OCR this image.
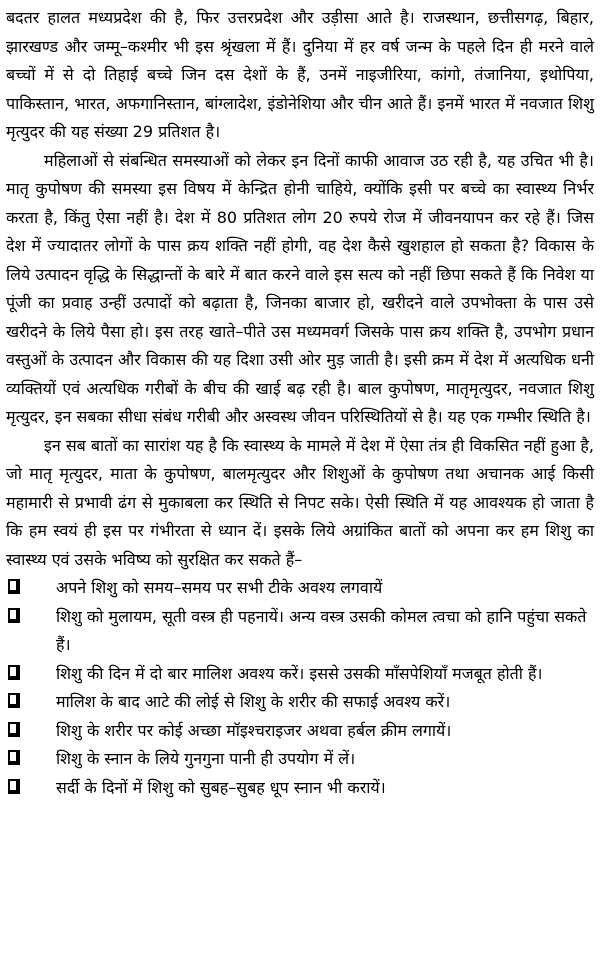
बदतर हालत मध्यप्रदेश की है, फिर उत्तरप्रदेश और उड़ीसा आते है। राजस्थान, छत्तीसगढ़, बिहार, झारखण्ड और जम्मू–कश्मीर भी इस श्रृंखला में हैं। दुनिया में हर वर्ष जन्म के पहले दिन ही मरने वाले बच्चों में से दो तिहाई बच्चे जिन दस देशों के हैं, उनमें नाइजीरिया, कांगो, तंजानिया, इथोपिया, पाकिस्तान, भारत, अफगानिस्तान, बांग्लादेश, इंडोनेशिया और चीन आते हैं। इनमें भारत में नवजात शिशु मृत्युदर की यह संख्या 29 प्रतिशत है।

महिलाओं से संबन्धित समस्याओं को लेकर इन दिनों काफी आवाज उठ रही है, यह उचित भी है। मातृ कुपोषण की समस्या इस विषय में केन्द्रित होनी चाहिये, क्योंकि इसी पर बच्चे का स्वास्थ्य निर्भर करता है, किंतु ऐसा नहीं है। देश में 80 प्रतिशत लोग 20 रुपये रोज में जीवनयापन कर रहे हैं। जिस देश में ज्यादातर लोगों के पास क्रय शक्ति नहीं होगी, वह देश कैसे खुशहाल हो सकता है? विकास के लिये उत्पादन वृद्धि के सिद्धान्तों के बारे में बात करने वाले इस सत्य को नहीं छिपा सकते हैं कि निवेश या पूंजी का प्रवाह उन्हीं उत्पादों को बढ़ाता है, जिनका बाजार हो, खरीदने वाले उपभोक्ता के पास उसे खरीदने के लिये पैसा हो। इस तरह खाते–पीते उस मध्यमवर्ग जिसके पास क्रय शक्ति है, उपभोग प्रधान वस्तुओं के उत्पादन और विकास की यह दिशा उसी ओर मुड़ जाती है। इसी क्रम में देश में अत्यधिक धनी व्यक्तियों एवं अत्यधिक गरीबों के बीच की खाई बढ़ रही है। बाल कुपोषण, मातृमृत्युदर, नवजात शिशु मृत्युदर, इन सबका सीधा संबंध गरीबी और अस्वस्थ जीवन परिस्थितियों से है। यह एक गम्भीर स्थिति है।

इन सब बातों का सारांश यह है कि स्वास्थ्य के मामले में देश में ऐसा तंत्र ही विकसित नहीं हुआ है, जो मातृ मृत्युदर, माता के कुपोषण, बालमृत्युदर और शिशुओं के कुपोषण तथा अचानक आई किसी महामारी से प्रभावी ढंग से मुकाबला कर स्थिति से निपट सके। ऐसी स्थिति में यह आवश्यक हो जाता है कि हम स्वयं ही इस पर गंभीरता से ध्यान दें। इसके लिये अग्रांकित बातों को अपना कर हम शिशु का स्वास्थ्य एवं उसके भविष्य को सुरक्षित कर सकते हैं–

अपने शिशु को समय–समय पर सभी टीके अवश्य लगवायें
शिशु को मुलायम, सूती वस्त्र ही पहनायें। अन्य वस्त्र उसकी कोमल त्वचा को हानि पहुंचा सकते हैं।
शिशु की दिन में दो बार मालिश अवश्य करें। इससे उसकी माँसपेशियाँ मजबूत होती हैं।
मालिश के बाद आटे की लोई से शिशु के शरीर की सफाई अवश्य करें।
शिशु के शरीर पर कोई अच्छा मॉइश्चराइजर अथवा हर्बल क्रीम लगायें।
शिशु के स्नान के लिये गुनगुना पानी ही उपयोग में लें।
सर्दी के दिनों में शिशु को सुबह–सुबह धूप स्नान भी करायें।
